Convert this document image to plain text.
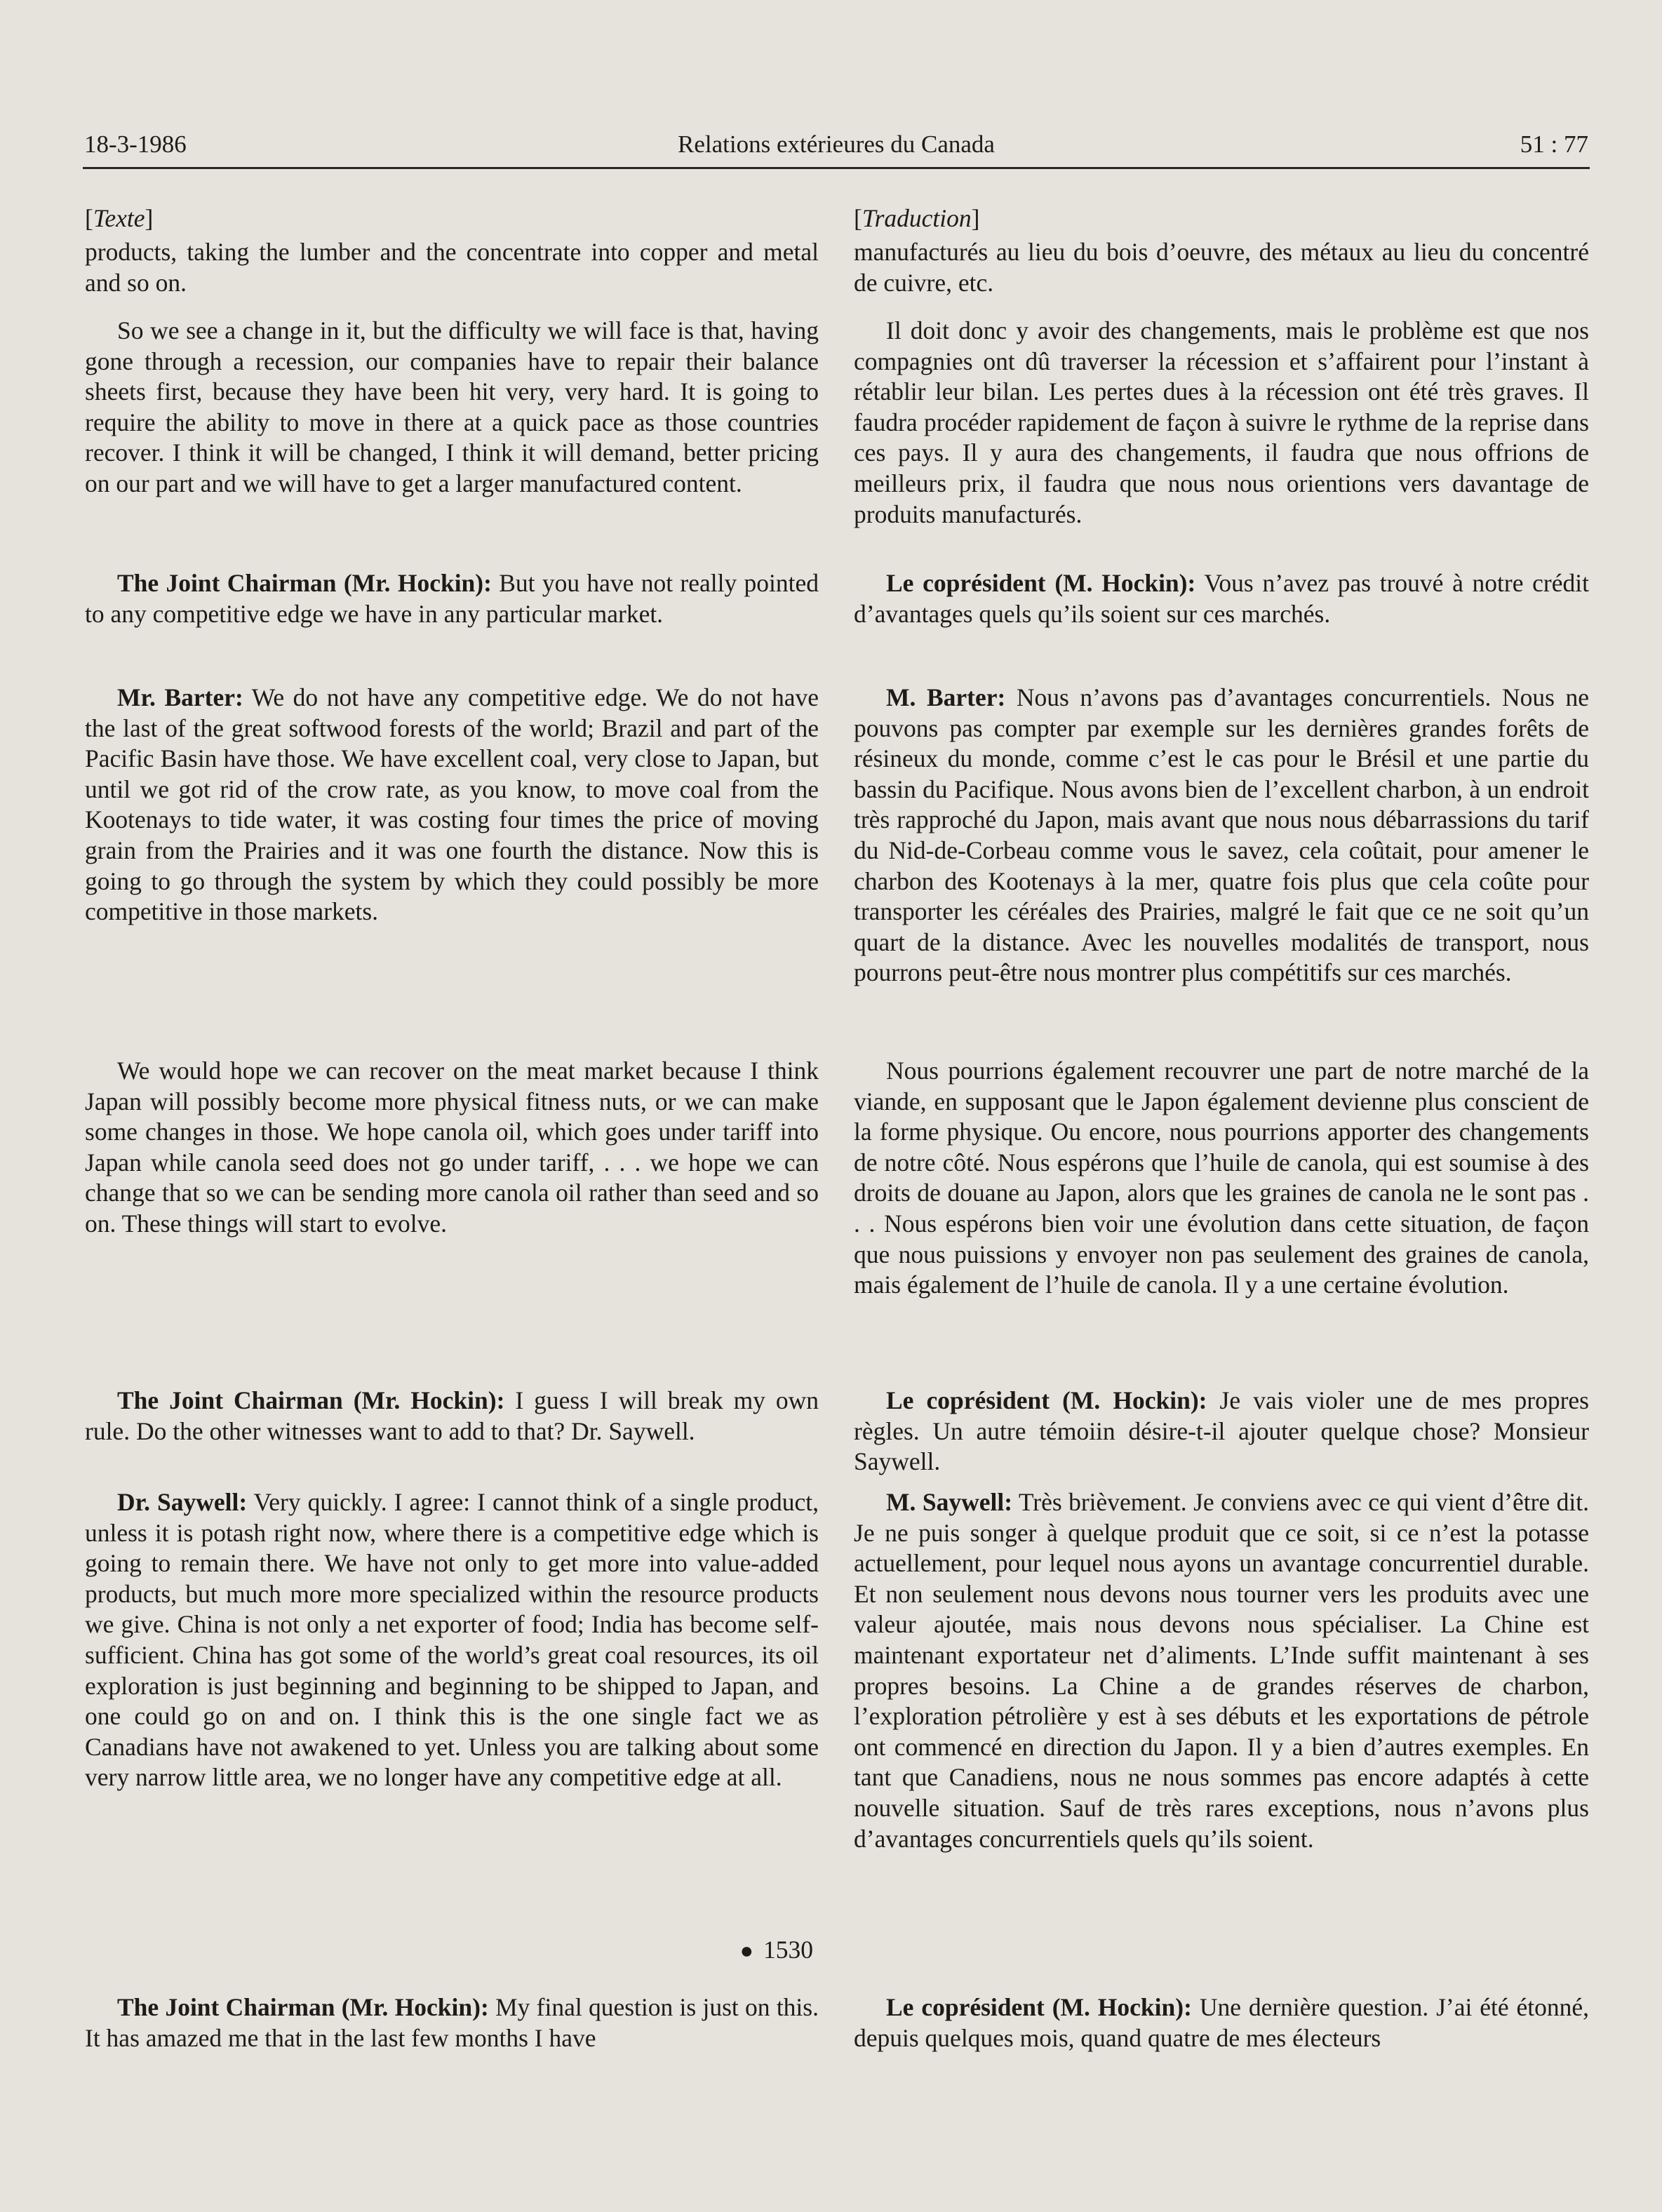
18-3-1986	Relations extérieures du Canada	51 : 77

[Texte]

products, taking the lumber and the concentrate into copper and metal and so on.

So we see a change in it, but the difficulty we will face is that, having gone through a recession, our companies have to repair their balance sheets first, because they have been hit very, very hard. It is going to require the ability to move in there at a quick pace as those countries recover. I think it will be changed, I think it will demand, better pricing on our part and we will have to get a larger manufactured content.

The Joint Chairman (Mr. Hockin): But you have not really pointed to any competitive edge we have in any particular market.

Mr. Barter: We do not have any competitive edge. We do not have the last of the great softwood forests of the world; Brazil and part of the Pacific Basin have those. We have excellent coal, very close to Japan, but until we got rid of the crow rate, as you know, to move coal from the Kootenays to tide water, it was costing four times the price of moving grain from the Prairies and it was one fourth the distance. Now this is going to go through the system by which they could possibly be more competitive in those markets.

We would hope we can recover on the meat market because I think Japan will possibly become more physical fitness nuts, or we can make some changes in those. We hope canola oil, which goes under tariff into Japan while canola seed does not go under tariff, . . . we hope we can change that so we can be sending more canola oil rather than seed and so on. These things will start to evolve.

The Joint Chairman (Mr. Hockin): I guess I will break my own rule. Do the other witnesses want to add to that? Dr. Saywell.

Dr. Saywell: Very quickly. I agree: I cannot think of a single product, unless it is potash right now, where there is a competitive edge which is going to remain there. We have not only to get more into value-added products, but much more more specialized within the resource products we give. China is not only a net exporter of food; India has become self-sufficient. China has got some of the world’s great coal resources, its oil exploration is just beginning and beginning to be shipped to Japan, and one could go on and on. I think this is the one single fact we as Canadians have not awakened to yet. Unless you are talking about some very narrow little area, we no longer have any competitive edge at all.

● 1530

The Joint Chairman (Mr. Hockin): My final question is just on this. It has amazed me that in the last few months I have

[Traduction]

manufacturés au lieu du bois d’oeuvre, des métaux au lieu du concentré de cuivre, etc.

Il doit donc y avoir des changements, mais le problème est que nos compagnies ont dû traverser la récession et s’affairent pour l’instant à rétablir leur bilan. Les pertes dues à la récession ont été très graves. Il faudra procéder rapidement de façon à suivre le rythme de la reprise dans ces pays. Il y aura des changements, il faudra que nous offrions de meilleurs prix, il faudra que nous nous orientions vers davantage de produits manufacturés.

Le coprésident (M. Hockin): Vous n’avez pas trouvé à notre crédit d’avantages quels qu’ils soient sur ces marchés.

M. Barter: Nous n’avons pas d’avantages concurrentiels. Nous ne pouvons pas compter par exemple sur les dernières grandes forêts de résineux du monde, comme c’est le cas pour le Brésil et une partie du bassin du Pacifique. Nous avons bien de l’excellent charbon, à un endroit très rapproché du Japon, mais avant que nous nous débarrassions du tarif du Nid-de-Corbeau comme vous le savez, cela coûtait, pour amener le charbon des Kootenays à la mer, quatre fois plus que cela coûte pour transporter les céréales des Prairies, malgré le fait que ce ne soit qu’un quart de la distance. Avec les nouvelles modalités de transport, nous pourrons peut-être nous montrer plus compétitifs sur ces marchés.

Nous pourrions également recouvrer une part de notre marché de la viande, en supposant que le Japon également devienne plus conscient de la forme physique. Ou encore, nous pourrions apporter des changements de notre côté. Nous espérons que l’huile de canola, qui est soumise à des droits de douane au Japon, alors que les graines de canola ne le sont pas . . . Nous espérons bien voir une évolution dans cette situation, de façon que nous puissions y envoyer non pas seulement des graines de canola, mais également de l’huile de canola. Il y a une certaine évolution.

Le coprésident (M. Hockin): Je vais violer une de mes propres règles. Un autre témoiin désire-t-il ajouter quelque chose? Monsieur Saywell.

M. Saywell: Très brièvement. Je conviens avec ce qui vient d’être dit. Je ne puis songer à quelque produit que ce soit, si ce n’est la potasse actuellement, pour lequel nous ayons un avantage concurrentiel durable. Et non seulement nous devons nous tourner vers les produits avec une valeur ajoutée, mais nous devons nous spécialiser. La Chine est maintenant exportateur net d’aliments. L’Inde suffit maintenant à ses propres besoins. La Chine a de grandes réserves de charbon, l’exploration pétrolière y est à ses débuts et les exportations de pétrole ont commencé en direction du Japon. Il y a bien d’autres exemples. En tant que Canadiens, nous ne nous sommes pas encore adaptés à cette nouvelle situation. Sauf de très rares exceptions, nous n’avons plus d’avantages concurrentiels quels qu’ils soient.

Le coprésident (M. Hockin): Une dernière question. J’ai été étonné, depuis quelques mois, quand quatre de mes électeurs
